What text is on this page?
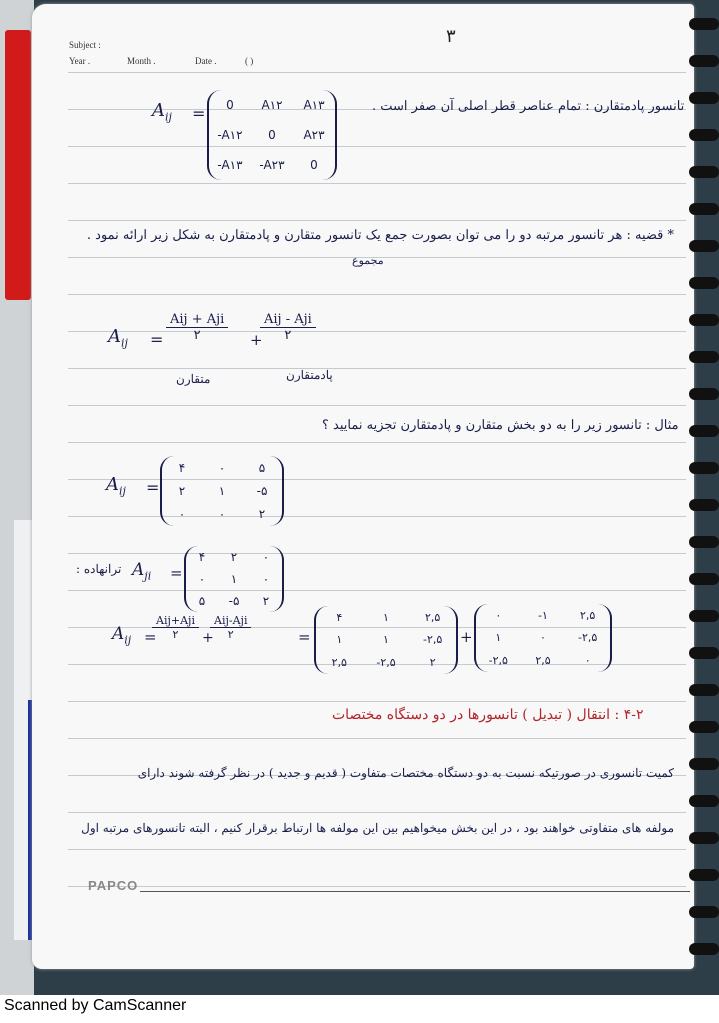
Subject :
Year .	Month .	Date .	( )
۳
تانسور پادمتقارن : تمام عناصر قطر اصلی آن صفر است .
$A_{ij}$ =	0	A۱۲	A۱۳
-A۱۲	0	A۲۳
-A۱۳	-A۲۳	0
* قضیه : هر تانسور مرتبه دو را می توان بصورت جمع یک تانسور متقارن و پادمتقارن به شکل زیر ارائه نمود .
مجموع
$A_{ij}$ =
Aij + Aji
۲	+
Aij - Aji
۲
متقارن	پادمتقارن
مثال : تانسور زیر را به دو بخش متقارن و پادمتقارن تجزیه نمایید ؟
$A_{ij}$ =
۴	۰	۵
۲	۱	-۵
۰	۰	۲
ترانهاده : $A_{ji}$ =
۴	۲	۰
۰	۱	۰
۵	-۵	۲
$A_{ij}$ =
Aij+Aji
۲	+
Aij-Aji
۲	=
۴	۱	۲,۵
۱	۱	-۲,۵
۲,۵	-۲,۵	۲
+
۰	-۱	۲,۵
۱	۰	-۲,۵
-۲,۵	۲,۵	۰
۴-۲ : انتقال ( تبدیل ) تانسورها در دو دستگاه مختصات
کمیت تانسوری در صورتیکه نسبت به دو دستگاه مختصات متفاوت ( قدیم و جدید ) در نظر گرفته شوند دارای
مولفه های متفاوتی خواهند بود ، در این بخش میخواهیم بین این مولفه ها ارتباط برقرار کنیم ، البته تانسورهای مرتبه اول
PAPCO
Scanned by CamScanner
